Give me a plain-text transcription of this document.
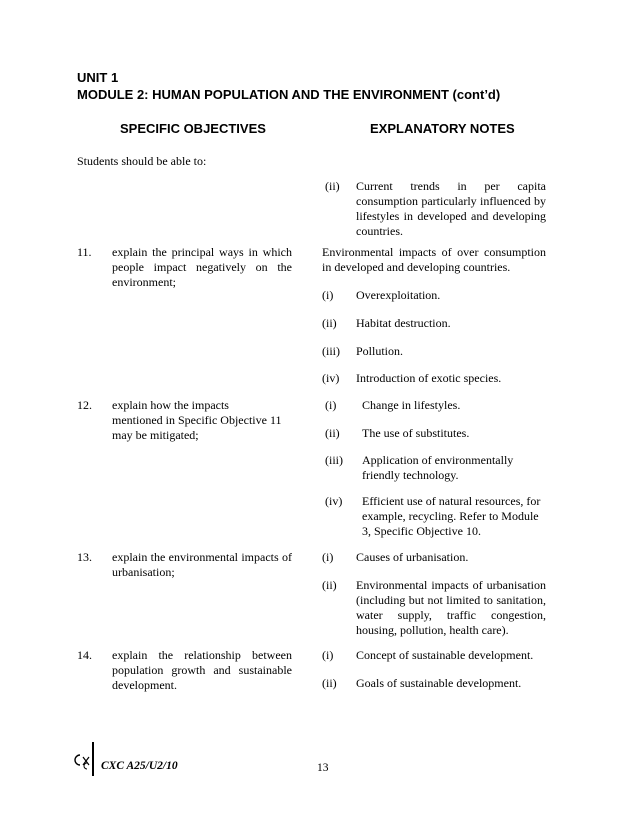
UNIT 1
MODULE 2: HUMAN POPULATION AND THE ENVIRONMENT (cont’d)
SPECIFIC OBJECTIVES	EXPLANATORY NOTES
Students should be able to:
(ii)	Current trends in per capita consumption particularly influenced by lifestyles in developed and developing countries.
11.	explain the principal ways in which people impact negatively on the environment;
Environmental impacts of over consumption in developed and developing countries.
(i)	Overexploitation.
(ii)	Habitat destruction.
(iii)	Pollution.
(iv)	Introduction of exotic species.
12.	explain how the impacts mentioned in Specific Objective 11 may be mitigated;
(i)	Change in lifestyles.
(ii)	The use of substitutes.
(iii)	Application of environmentally friendly technology.
(iv)	Efficient use of natural resources, for example, recycling. Refer to Module 3, Specific Objective 10.
13.	explain the environmental impacts of urbanisation;
(i)	Causes of urbanisation.
(ii)	Environmental impacts of urbanisation (including but not limited to sanitation, water supply, traffic congestion, housing, pollution, health care).
14.	explain the relationship between population growth and sustainable development.
(i)	Concept of sustainable development.
(ii)	Goals of sustainable development.
CXC A25/U2/10	13
